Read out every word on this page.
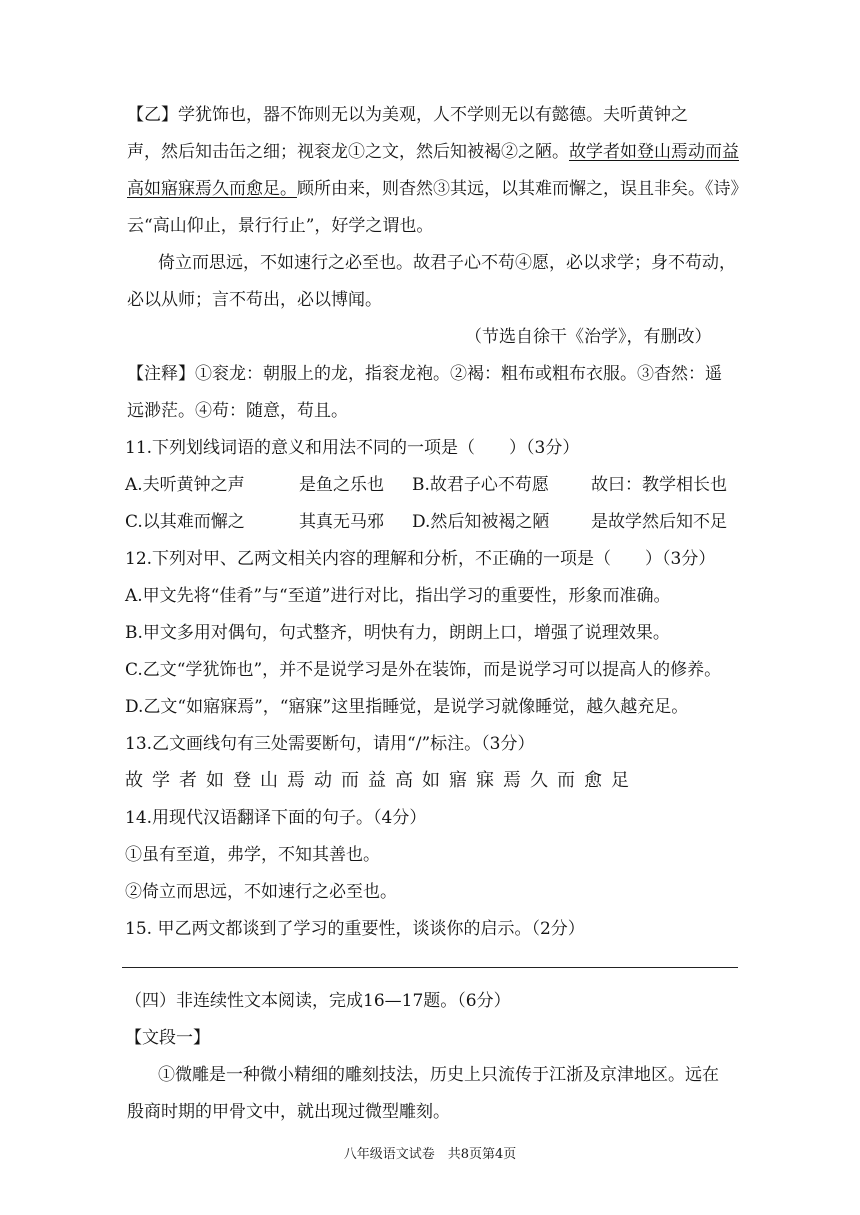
【乙】学犹饰也，器不饰则无以为美观，人不学则无以有懿德。夫听黄钟之
声，然后知击缶之细；视衮龙①之文，然后知被褐②之陋。故学者如登山焉动而益
高如寤寐焉久而愈足。顾所由来，则杳然③其远，以其难而懈之，误且非矣。《诗》
云“高山仰止，景行行止”，好学之谓也。
倚立而思远，不如速行之必至也。故君子心不苟④愿，必以求学；身不苟动，
必以从师；言不苟出，必以博闻。
（节选自徐干《治学》，有删改）
【注释】①衮龙：朝服上的龙，指衮龙袍。②褐：粗布或粗布衣服。③杳然：遥
远渺茫。④苟：随意，苟且。
11.下列划线词语的意义和用法不同的一项是（　　）（3分）
A.夫听黄钟之声	是鱼之乐也 B.故君子心不苟愿 故曰：教学相长也
C.以其难而懈之	其真无马邪 D.然后知被褐之陋 是故学然后知不足
12.下列对甲、乙两文相关内容的理解和分析，不正确的一项是（　　）（3分）
A.甲文先将“佳肴”与“至道”进行对比，指出学习的重要性，形象而准确。
B.甲文多用对偶句，句式整齐，明快有力，朗朗上口，增强了说理效果。
C.乙文“学犹饰也”，并不是说学习是外在装饰，而是说学习可以提高人的修养。
D.乙文“如寤寐焉”，“寤寐”这里指睡觉，是说学习就像睡觉，越久越充足。
13.乙文画线句有三处需要断句，请用“/”标注。（3分）
故学者如登山焉动而益高如寤寐焉久而愈足
14.用现代汉语翻译下面的句子。（4分）
①虽有至道，弗学，不知其善也。
②倚立而思远，不如速行之必至也。
15. 甲乙两文都谈到了学习的重要性，谈谈你的启示。（2分）
（四）非连续性文本阅读，完成16—17题。（6分）
【文段一】
①微雕是一种微小精细的雕刻技法，历史上只流传于江浙及京津地区。远在
殷商时期的甲骨文中，就出现过微型雕刻。
八年级语文试卷　共8页第4页
